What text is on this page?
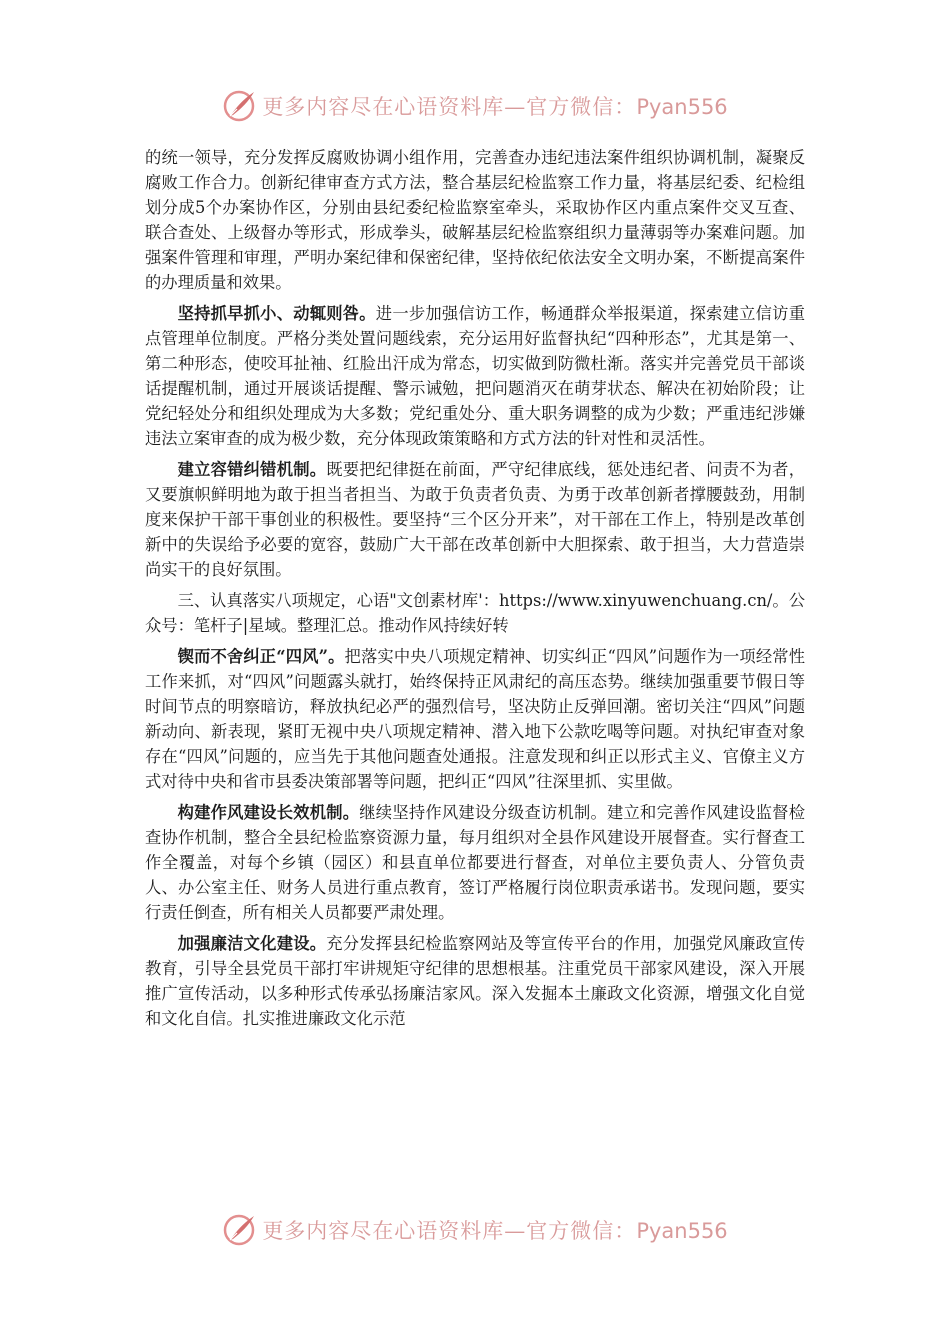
更多内容尽在心语资料库—官方微信：Pyan556

的统一领导，充分发挥反腐败协调小组作用，完善查办违纪违法案件组织协调机制，凝聚反腐败工作合力。创新纪律审查方式方法，整合基层纪检监察工作力量，将基层纪委、纪检组划分成5个办案协作区，分别由县纪委纪检监察室牵头，采取协作区内重点案件交叉互查、联合查处、上级督办等形式，形成拳头，破解基层纪检监察组织力量薄弱等办案难问题。加强案件管理和审理，严明办案纪律和保密纪律，坚持依纪依法安全文明办案，不断提高案件的办理质量和效果。

坚持抓早抓小、动辄则咎。进一步加强信访工作，畅通群众举报渠道，探索建立信访重点管理单位制度。严格分类处置问题线索，充分运用好监督执纪“四种形态”，尤其是第一、第二种形态，使咬耳扯袖、红脸出汗成为常态，切实做到防微杜渐。落实并完善党员干部谈话提醒机制，通过开展谈话提醒、警示诫勉，把问题消灭在萌芽状态、解决在初始阶段；让党纪轻处分和组织处理成为大多数；党纪重处分、重大职务调整的成为少数；严重违纪涉嫌违法立案审查的成为极少数，充分体现政策策略和方式方法的针对性和灵活性。

建立容错纠错机制。既要把纪律挺在前面，严守纪律底线，惩处违纪者、问责不为者，又要旗帜鲜明地为敢于担当者担当、为敢于负责者负责、为勇于改革创新者撑腰鼓劲，用制度来保护干部干事创业的积极性。要坚持“三个区分开来”，对干部在工作上，特别是改革创新中的失误给予必要的宽容，鼓励广大干部在改革创新中大胆探索、敢于担当，大力营造崇尚实干的良好氛围。

三、认真落实八项规定，心语"文创素材库'：https://www.xinyuwenchuang.cn/。公众号：笔杆子|星域。整理汇总。推动作风持续好转

锲而不舍纠正“四风”。把落实中央八项规定精神、切实纠正“四风”问题作为一项经常性工作来抓，对“四风”问题露头就打，始终保持正风肃纪的高压态势。继续加强重要节假日等时间节点的明察暗访，释放执纪必严的强烈信号，坚决防止反弹回潮。密切关注“四风”问题新动向、新表现，紧盯无视中央八项规定精神、潜入地下公款吃喝等问题。对执纪审查对象存在“四风”问题的，应当先于其他问题查处通报。注意发现和纠正以形式主义、官僚主义方式对待中央和省市县委决策部署等问题，把纠正“四风”往深里抓、实里做。

构建作风建设长效机制。继续坚持作风建设分级查访机制。建立和完善作风建设监督检查协作机制，整合全县纪检监察资源力量，每月组织对全县作风建设开展督查。实行督查工作全覆盖，对每个乡镇（园区）和县直单位都要进行督查，对单位主要负责人、分管负责人、办公室主任、财务人员进行重点教育，签订严格履行岗位职责承诺书。发现问题，要实行责任倒查，所有相关人员都要严肃处理。

加强廉洁文化建设。充分发挥县纪检监察网站及等宣传平台的作用，加强党风廉政宣传教育，引导全县党员干部打牢讲规矩守纪律的思想根基。注重党员干部家风建设，深入开展推广宣传活动，以多种形式传承弘扬廉洁家风。深入发掘本土廉政文化资源，增强文化自觉和文化自信。扎实推进廉政文化示范

更多内容尽在心语资料库—官方微信：Pyan556
